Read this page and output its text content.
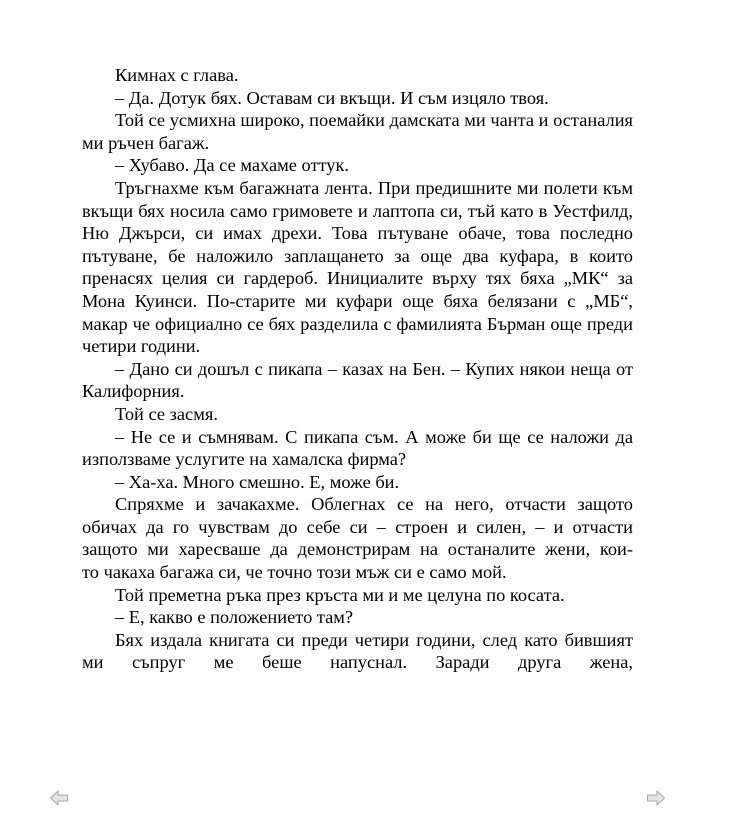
Кимнах с глава.

– Да. Дотук бях. Оставам си вкъщи. И съм изцяло твоя.

Той се усмихна широко, поемайки дамската ми чанта и останалия ми ръчен багаж.

– Хубаво. Да се махаме оттук.

Тръгнахме към багажната лента. При предишните ми полети към вкъщи бях носила само гримовете и лаптопа си, тъй като в Уестфилд, Ню Джърси, си имах дрехи. Това пътуване обаче, това последно пътуване, бе наложило заплащането за още два куфара, в които пренасях целия си гардероб. Инициалите върху тях бяха „МК“ за Мона Куинси. По-старите ми куфари още бяха белязани с „МБ“, макар че официално се бях разделила с фамилията Бърман още преди четири години.

– Дано си дошъл с пикапа – казах на Бен. – Купих някои неща от Калифорния.

Той се засмя.

– Не се и съмнявам. С пикапа съм. А може би ще се наложи да използваме услугите на хамалска фирма?

– Ха-ха. Много смешно. Е, може би.

Спряхме и зачакахме. Облегнах се на него, отчасти защото обичах да го чувствам до себе си – строен и силен, – и отчасти защото ми харесваше да демонстрирам на останалите жени, кои-

то чакаха багажа си, че точно този мъж си е само мой.

Той преметна ръка през кръста ми и ме целуна по косата.

– Е, какво е положението там?

Бях издала книгата си преди четири години, след като бившият ми съпруг ме беше напуснал. Заради друга жена,
